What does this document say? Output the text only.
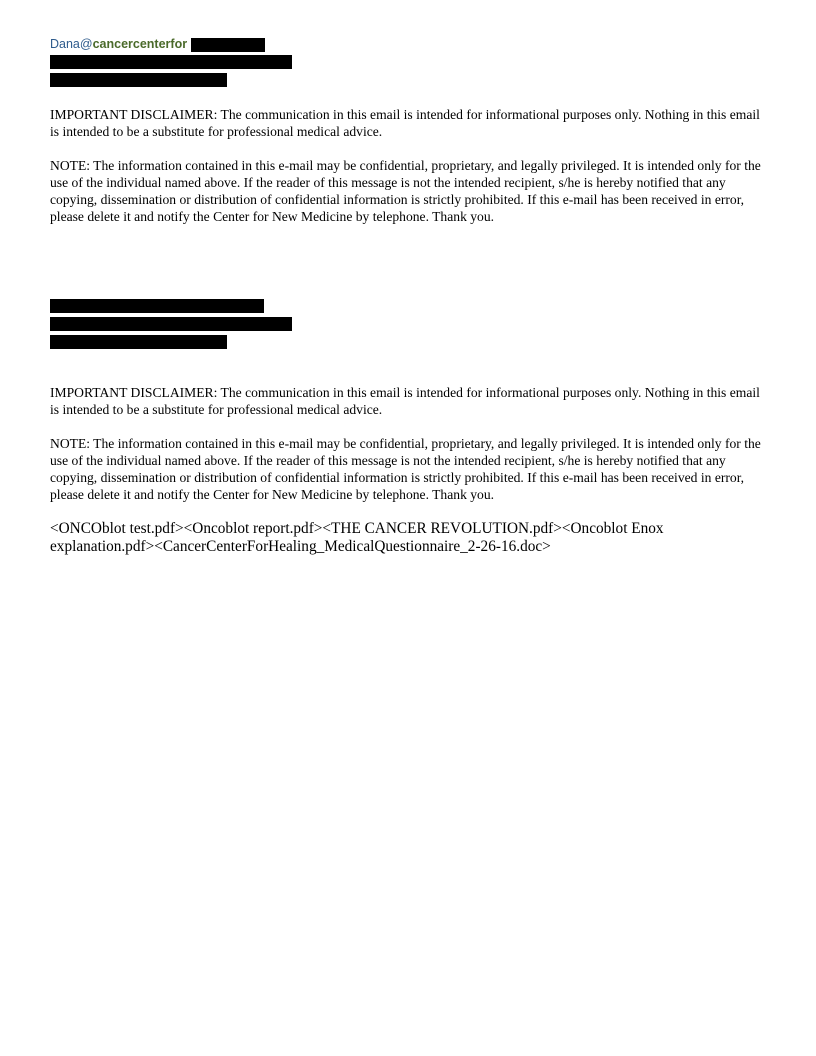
Dana@ cancercenterfor

IMPORTANT DISCLAIMER: The communication in this email is intended for informational purposes only. Nothing in this email is intended to be a substitute for professional medical advice.

NOTE: The information contained in this e-mail may be confidential, proprietary, and legally privileged. It is intended only for the use of the individual named above. If the reader of this message is not the intended recipient, s/he is hereby notified that any copying, dissemination or distribution of confidential information is strictly prohibited. If this e-mail has been received in error, please delete it and notify the Center for New Medicine by telephone. Thank you.

IMPORTANT DISCLAIMER: The communication in this email is intended for informational purposes only. Nothing in this email is intended to be a substitute for professional medical advice.

NOTE: The information contained in this e-mail may be confidential, proprietary, and legally privileged. It is intended only for the use of the individual named above. If the reader of this message is not the intended recipient, s/he is hereby notified that any copying, dissemination or distribution of confidential information is strictly prohibited. If this e-mail has been received in error, please delete it and notify the Center for New Medicine by telephone. Thank you.

<ONCOblot test.pdf><Oncoblot report.pdf><THE CANCER REVOLUTION.pdf><Oncoblot Enox explanation.pdf><CancerCenterForHealing_MedicalQuestionnaire_2-26-16.doc>
